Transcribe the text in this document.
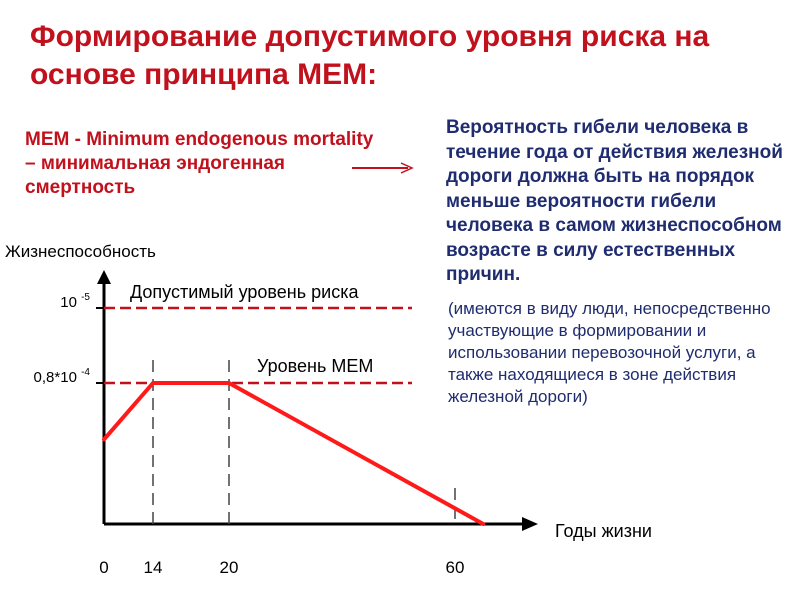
Формирование допустимого уровня риска на основе принципа МЕМ:

МЕМ - Minimum endogenous mortality – минимальная эндогенная смертность

Вероятность гибели человека в течение года от действия железной дороги должна быть на порядок меньше вероятности гибели человека в самом жизнеспособном возрасте в силу естественных причин.

(имеются в виду люди, непосредственно участвующие в формировании и использовании перевозочной услуги, а также находящиеся в зоне действия железной дороги)

Жизнеспособность
Годы жизни
0 14	20	60
Допустимый уровень риска
10 $^{-5}$
Уровень МЕМ
0,8*10 $^{-4}$
